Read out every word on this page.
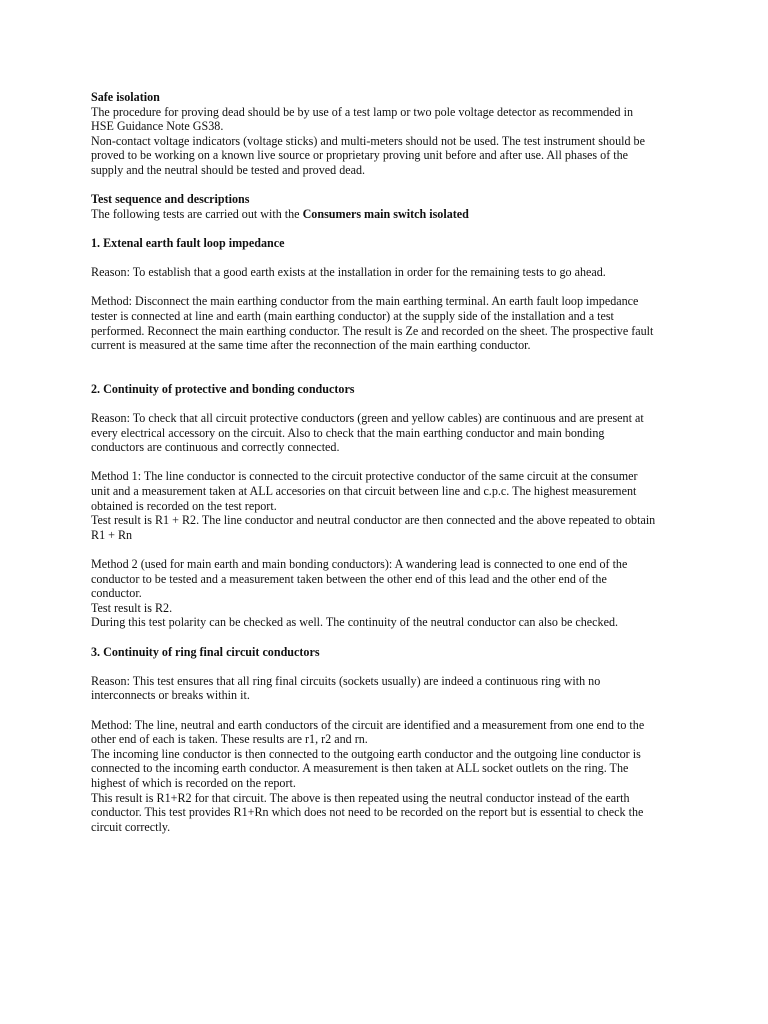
Safe isolation

The procedure for proving dead should be by use of a test lamp or two pole voltage detector as recommended in

HSE Guidance Note GS38.

Non-contact voltage indicators (voltage sticks) and multi-meters should not be used. The test instrument should be

proved to be working on a known live source or proprietary proving unit before and after use. All phases of the

supply and the neutral should be tested and proved dead.

Test sequence and descriptions

The following tests are carried out with the Consumers main switch isolated

1. Extenal earth fault loop impedance

Reason: To establish that a good earth exists at the installation in order for the remaining tests to go ahead.

Method: Disconnect the main earthing conductor from the main earthing terminal. An earth fault loop impedance

tester is connected at line and earth (main earthing conductor) at the supply side of the installation and a test

performed. Reconnect the main earthing conductor. The result is Ze and recorded on the sheet. The prospective fault

current is measured at the same time after the reconnection of the main earthing conductor.

2. Continuity of protective and bonding conductors

Reason: To check that all circuit protective conductors (green and yellow cables) are continuous and are present at

every electrical accessory on the circuit. Also to check that the main earthing conductor and main bonding

conductors are continuous and correctly connected.

Method 1: The line conductor is connected to the circuit protective conductor of the same circuit at the consumer

unit and a measurement taken at ALL accesories on that circuit between line and c.p.c. The highest measurement

obtained is recorded on the test report.

Test result is R1 + R2. The line conductor and neutral conductor are then connected and the above repeated to obtain

R1 + Rn

Method 2 (used for main earth and main bonding conductors): A wandering lead is connected to one end of the

conductor to be tested and a measurement taken between the other end of this lead and the other end of the

conductor.

Test result is R2.

During this test polarity can be checked as well. The continuity of the neutral conductor can also be checked.

3. Continuity of ring final circuit conductors

Reason: This test ensures that all ring final circuits (sockets usually) are indeed a continuous ring with no

interconnects or breaks within it.

Method: The line, neutral and earth conductors of the circuit are identified and a measurement from one end to the

other end of each is taken. These results are r1, r2 and rn.

The incoming line conductor is then connected to the outgoing earth conductor and the outgoing line conductor is

connected to the incoming earth conductor. A measurement is then taken at ALL socket outlets on the ring. The

highest of which is recorded on the report.

This result is R1+R2 for that circuit. The above is then repeated using the neutral conductor instead of the earth

conductor. This test provides R1+Rn which does not need to be recorded on the report but is essential to check the

circuit correctly.
